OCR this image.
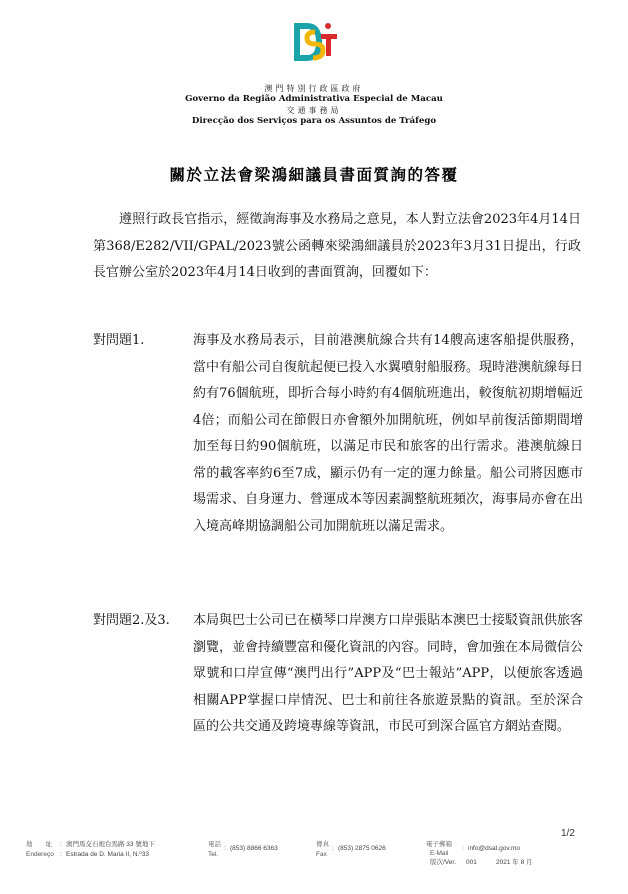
澳門特別行政區政府
Governo da Região Administrativa Especial de Macau
交通事務局
Direcção dos Serviços para os Assuntos de Tráfego
關於立法會梁鴻細議員書面質詢的答覆
遵照行政長官指示，經徵詢海事及水務局之意見，本人對立法會2023年4月14日第368/E282/VII/GPAL/2023號公函轉來梁鴻細議員於2023年3月31日提出，行政長官辦公室於2023年4月14日收到的書面質詢，回覆如下：
對問題1.	海事及水務局表示，目前港澳航線合共有14艘高速客船提供服務，當中有船公司自復航起便已投入水翼噴射船服務。現時港澳航線每日約有76個航班，即折合每小時約有4個航班進出，較復航初期增幅近4倍；而船公司在節假日亦會額外加開航班，例如早前復活節期間增加至每日約90個航班，以滿足市民和旅客的出行需求。港澳航線日常的載客率約6至7成，顯示仍有一定的運力餘量。船公司將因應市場需求、自身運力、營運成本等因素調整航班頻次，海事局亦會在出入境高峰期協調船公司加開航班以滿足需求。
對問題2.及3.	本局與巴士公司已在橫琴口岸澳方口岸張貼本澳巴士接駁資訊供旅客瀏覽，並會持續豐富和優化資訊的內容。同時，會加強在本局微信公眾號和口岸宣傳“澳門出行”APP及“巴士報站”APP，以便旅客透過相關APP掌握口岸情況、巴士和前往各旅遊景點的資訊。至於深合區的公共交通及跨境專線等資訊，市民可到深合區官方網站查閱。
1/2
地　　址
Endereço
:
:
澳門馬交石炮台馬路 33 號地下
Estrada de D. Maria II, N.º33
電話
Tel.
: (853) 8866 6363
傳真
Fax
: (853) 2875 0626
電子郵箱
E-Mail
: info@dsat.gov.mo
版次/Ver. 001	2021 年 8 月
